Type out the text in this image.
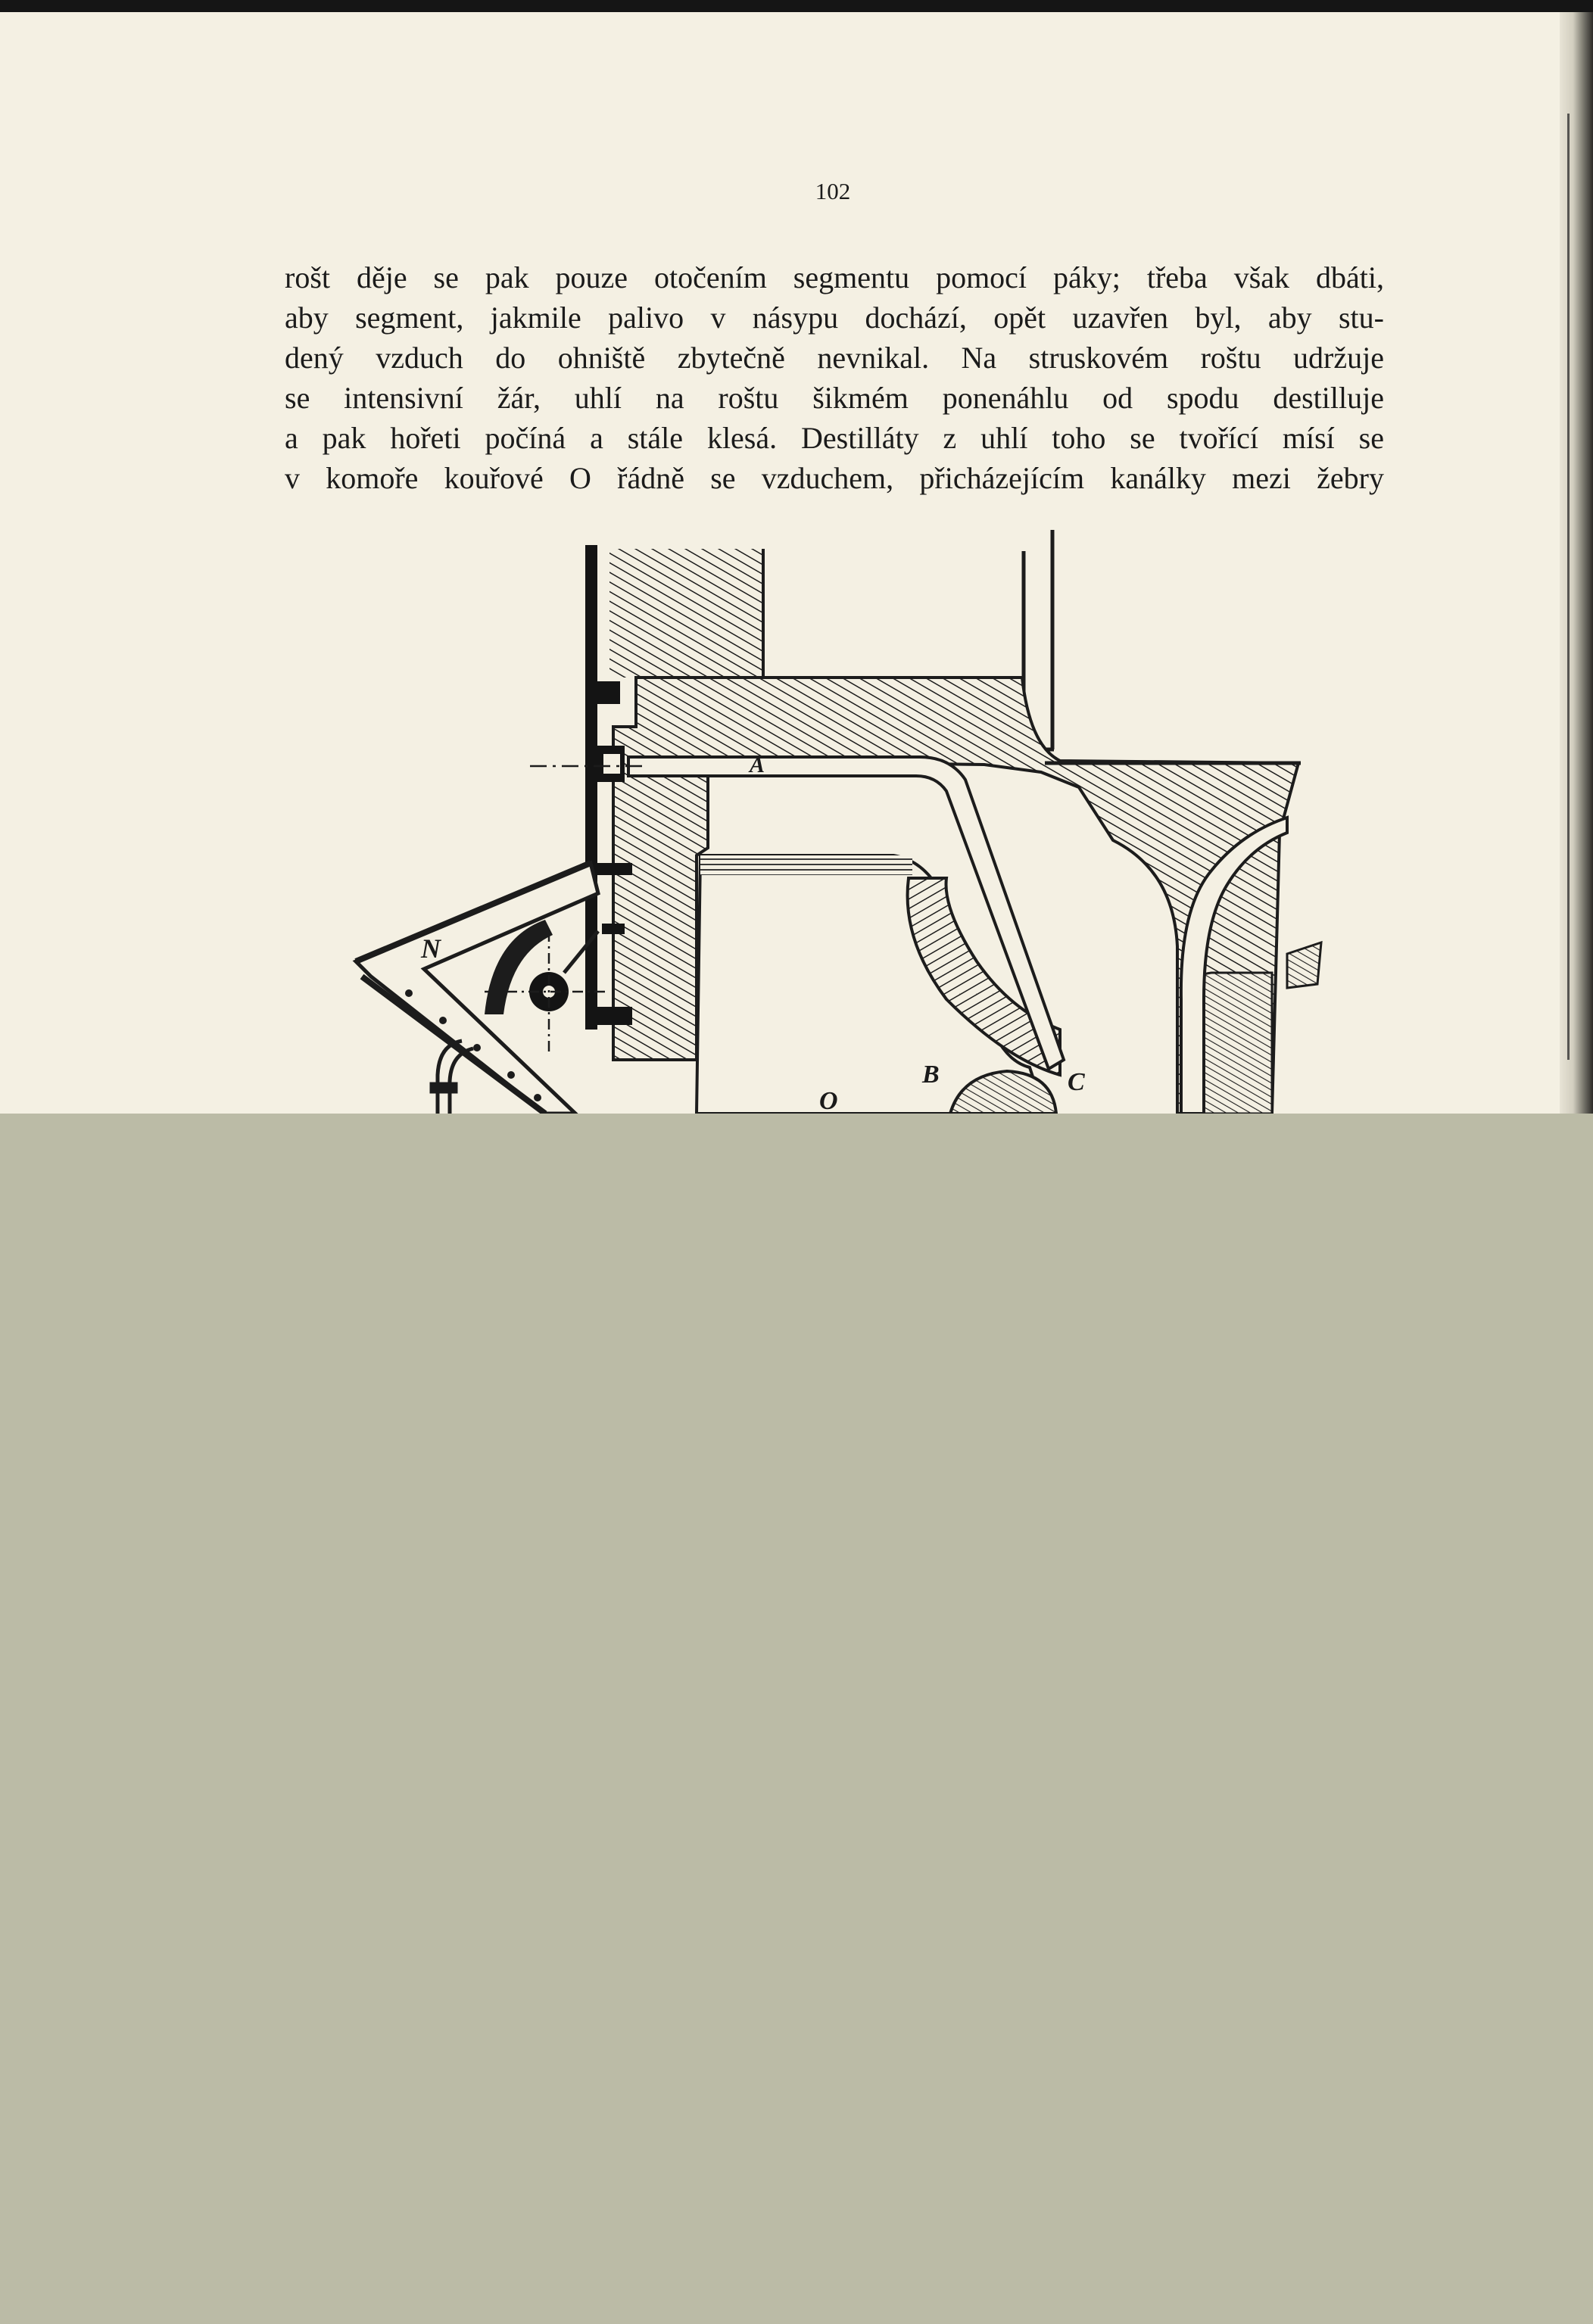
102
rošt děje se pak pouze otočením segmentu pomocí páky; třeba však dbáti,
aby segment, jakmile palivo v násypu dochází, opět uzavřen byl, aby stu-
dený vzduch do ohniště zbytečně nevnikal. Na struskovém roštu udržuje
se intensivní žár, uhlí na roštu šikmém ponenáhlu od spodu destilluje
a pak hořeti počíná a stále klesá. Destilláty z uhlí toho se tvořící mísí se
v komoře kouřové O řádně se vzduchem, přicházejícím kanálky mezi žebry
A
N
O
B	C
